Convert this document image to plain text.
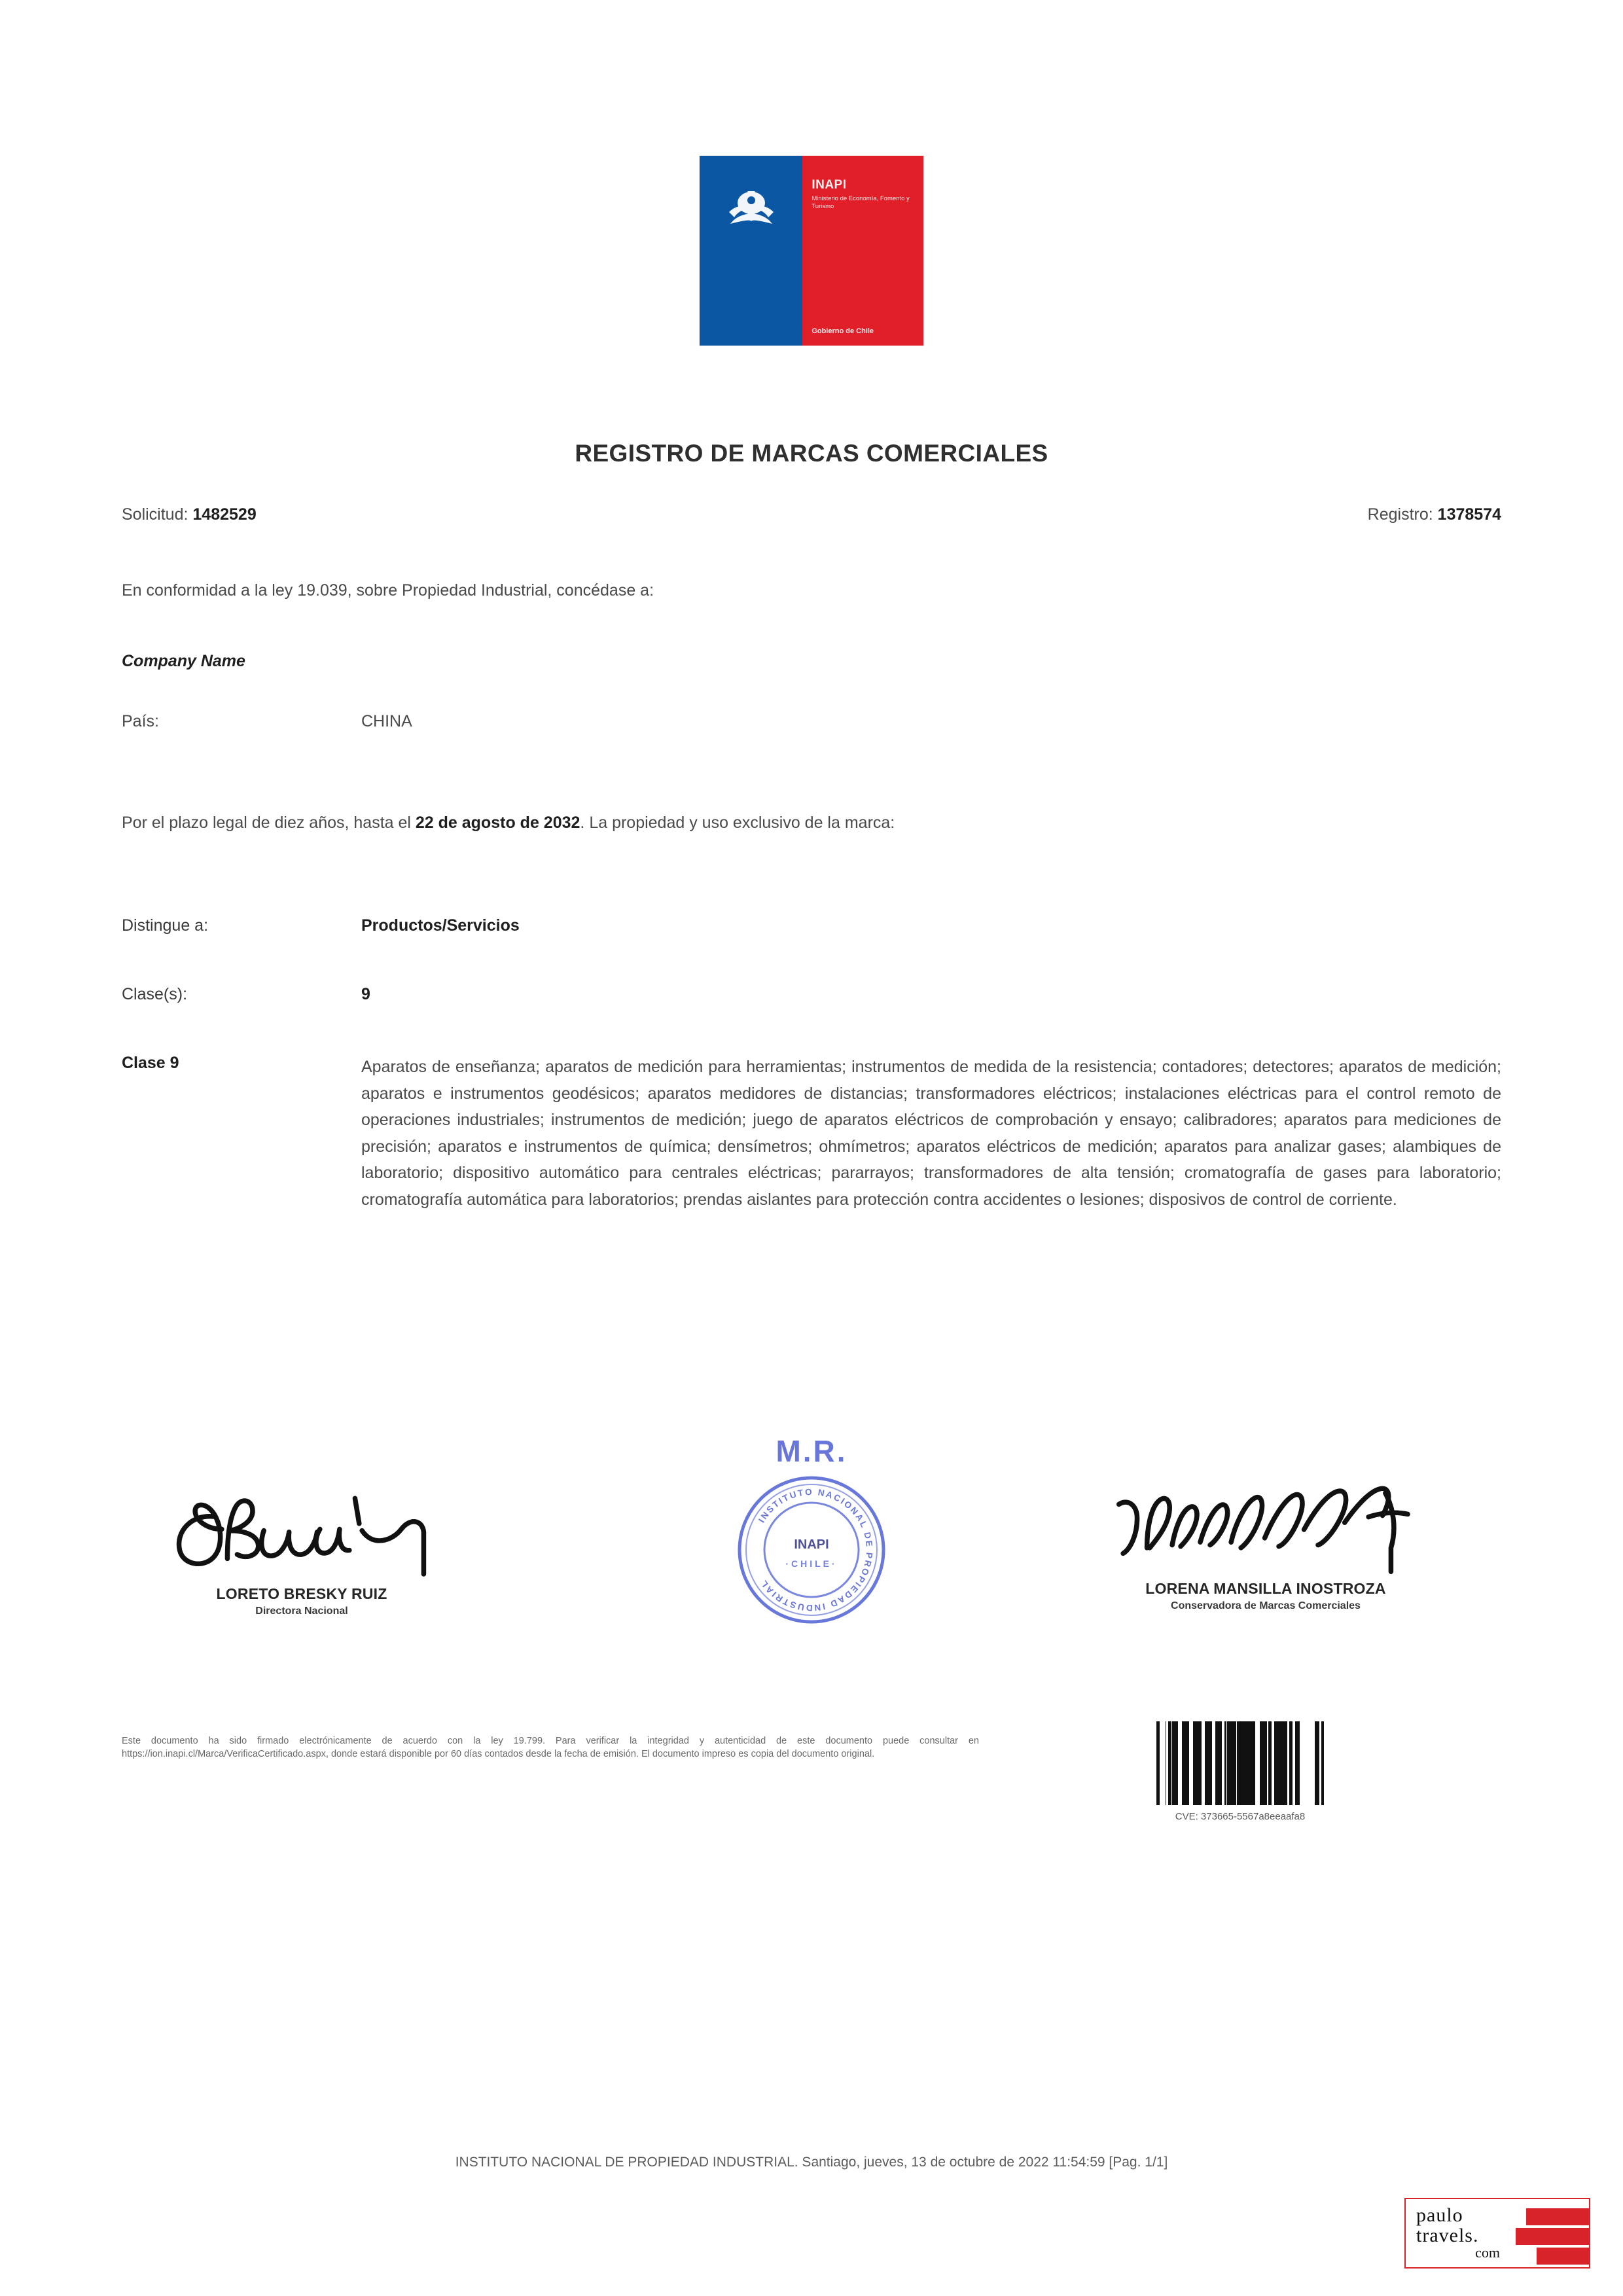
INAPI
Ministerio de Economía, Fomento y Turismo
Gobierno de Chile
REGISTRO DE MARCAS COMERCIALES
Solicitud: 1482529	Registro: 1378574
En conformidad a la ley 19.039, sobre Propiedad Industrial, concédase a:
Company Name
País:	CHINA
Por el plazo legal de diez años, hasta el 22 de agosto de 2032. La propiedad y uso exclusivo de la marca:
Distingue a:	Productos/Servicios
Clase(s):	9
Clase 9	Aparatos de enseñanza; aparatos de medición para herramientas; instrumentos de medida de la resistencia; contadores; detectores; aparatos de medición; aparatos e instrumentos geodésicos; aparatos medidores de distancias; transformadores eléctricos; instalaciones eléctricas para el control remoto de operaciones industriales; instrumentos de medición; juego de aparatos eléctricos de comprobación y ensayo; calibradores; aparatos para mediciones de precisión; aparatos e instrumentos de química; densímetros; ohmímetros; aparatos eléctricos de medición; aparatos para analizar gases; alambiques de laboratorio; dispositivo automático para centrales eléctricas; pararrayos; transformadores de alta tensión; cromatografía de gases para laboratorio; cromatografía automática para laboratorios; prendas aislantes para protección contra accidentes o lesiones; disposivos de control de corriente.
LORETO BRESKY RUIZ
Directora Nacional
M.R.
INSTITUTO NACIONAL DE PROPIEDAD INDUSTRIAL
INAPI
·CHILE·
LORENA MANSILLA INOSTROZA
Conservadora de Marcas Comerciales
Este documento ha sido firmado electrónicamente de acuerdo con la ley 19.799. Para verificar la integridad y autenticidad de este documento puede consultar en https://ion.inapi.cl/Marca/VerificaCertificado.aspx, donde estará disponible por 60 días contados desde la fecha de emisión. El documento impreso es copia del documento original.
CVE: 373665-5567a8eeaafa8
INSTITUTO NACIONAL DE PROPIEDAD INDUSTRIAL. Santiago, jueves, 13 de octubre de 2022 11:54:59 [Pag. 1/1]
paulo
travels.
com
